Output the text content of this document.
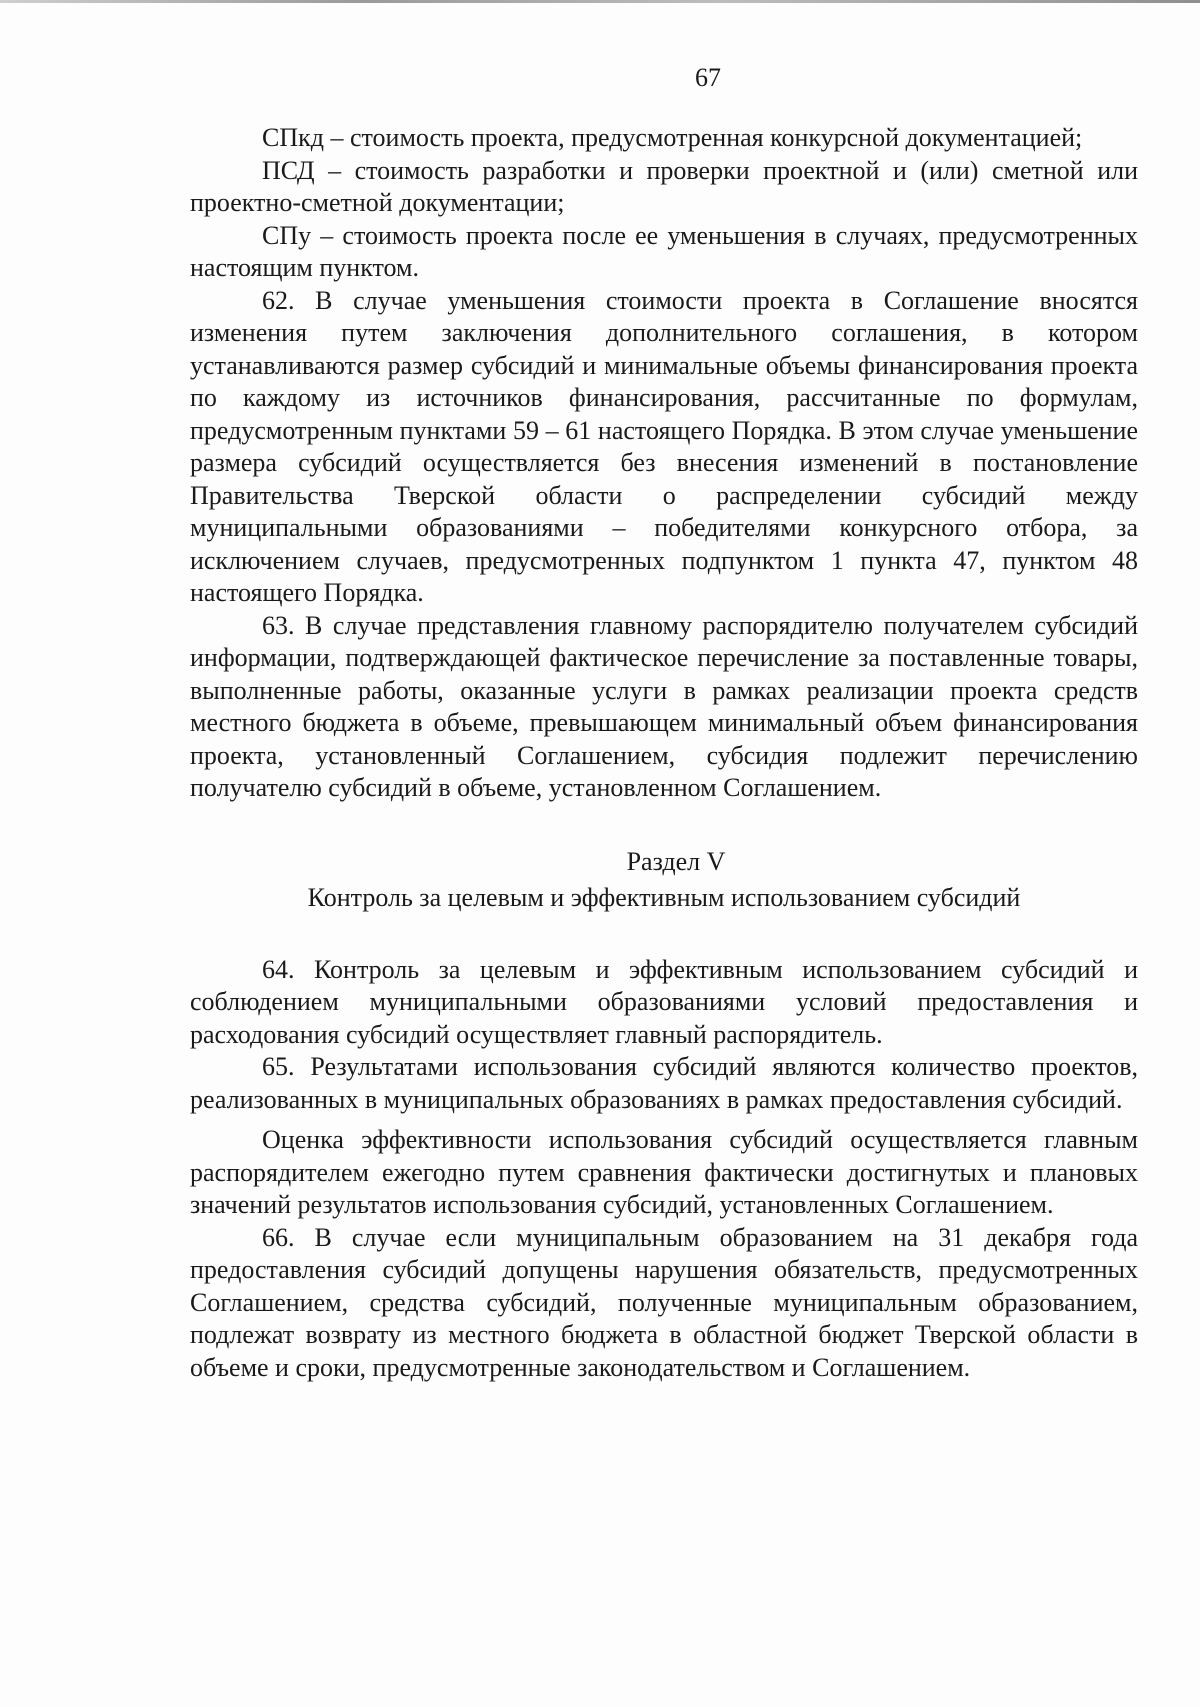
67

СПкд – стоимость проекта, предусмотренная конкурсной документацией;

ПСД – стоимость разработки и проверки проектной и (или) сметной или проектно-сметной документации;

СПу – стоимость проекта после ее уменьшения в случаях, предусмотренных настоящим пунктом.

62. В случае уменьшения стоимости проекта в Соглашение вносятся изменения путем заключения дополнительного соглашения, в котором устанавливаются размер субсидий и минимальные объемы финансирования проекта по каждому из источников финансирования, рассчитанные по формулам, предусмотренным пунктами 59 – 61 настоящего Порядка. В этом случае уменьшение размера субсидий осуществляется без внесения изменений в постановление Правительства Тверской области о распределении субсидий между муниципальными образованиями – победителями конкурсного отбора, за исключением случаев, предусмотренных подпунктом 1 пункта 47, пунктом 48 настоящего Порядка.

63. В случае представления главному распорядителю получателем субсидий информации, подтверждающей фактическое перечисление за поставленные товары, выполненные работы, оказанные услуги в рамках реализации проекта средств местного бюджета в объеме, превышающем минимальный объем финансирования проекта, установленный Соглашением, субсидия подлежит перечислению получателю субсидий в объеме, установленном Соглашением.

Раздел V
Контроль за целевым и эффективным использованием субсидий

64. Контроль за целевым и эффективным использованием субсидий и соблюдением муниципальными образованиями условий предоставления и расходования субсидий осуществляет главный распорядитель.

65. Результатами использования субсидий являются количество проектов, реализованных в муниципальных образованиях в рамках предоставления субсидий.

Оценка эффективности использования субсидий осуществляется главным распорядителем ежегодно путем сравнения фактически достигнутых и плановых значений результатов использования субсидий, установленных Соглашением.

66. В случае если муниципальным образованием на 31 декабря года предоставления субсидий допущены нарушения обязательств, предусмотренных Соглашением, средства субсидий, полученные муниципальным образованием, подлежат возврату из местного бюджета в областной бюджет Тверской области в объеме и сроки, предусмотренные законодательством и Соглашением.
